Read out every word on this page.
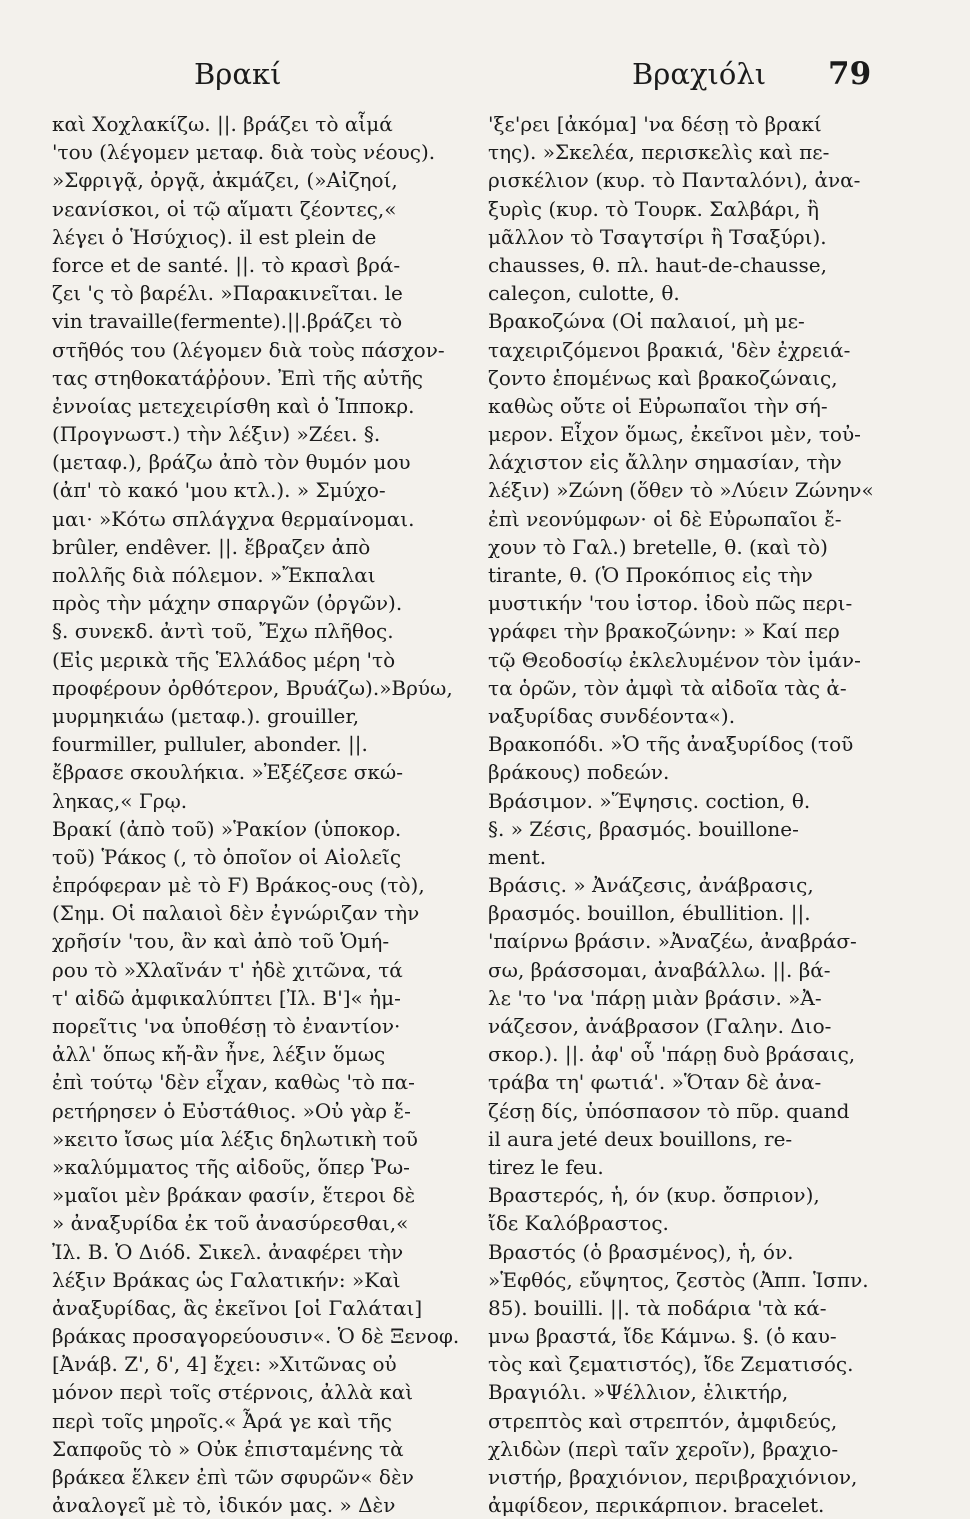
Βρακί	Βραχιόλι 79
καὶ Χοχλακίζω. ||. βράζει τὸ αἷμά
'του (λέγομεν μεταφ. διὰ τοὺς νέους).
»Σφριγᾷ, ὀργᾷ, ἀκμάζει, (»Αἰζηοί,
νεανίσκοι, οἱ τῷ αἵματι ζέοντες,«
λέγει ὁ Ἡσύχιος). il est plein de
force et de santé. ||. τὸ κρασὶ βρά-
ζει 'ς τὸ βαρέλι. »Παρακινεῖται. le
vin travaille(fermente).||.βράζει τὸ
στῆθός του (λέγομεν διὰ τοὺς πάσχον-
τας στηθοκατάῤῥουν. Ἐπὶ τῆς αὐτῆς
ἐννοίας μετεχειρίσθη καὶ ὁ Ἱπποκρ.
(Προγνωστ.) τὴν λέξιν) »Ζέει. §.
(μεταφ.), βράζω ἀπὸ τὸν θυμόν μου
(ἀπ' τὸ κακό 'μου κτλ.). » Σμύχο-
μαι· »Κότω σπλάγχνα θερμαίνομαι.
brûler, endêver. ||. ἔβραζεν ἀπὸ
πολλῆς διὰ πόλεμον. »Ἔκπαλαι
πρὸς τὴν μάχην σπαργῶν (ὀργῶν).
§. συνεκδ. ἀντὶ τοῦ, Ἔχω πλῆθος.
(Εἰς μερικὰ τῆς Ἑλλάδος μέρη 'τὸ
προφέρουν ὀρθότερον, Βρυάζω).»Βρύω,
μυρμηκιάω (μεταφ.). grouiller,
fourmiller, pulluler, abonder. ||.
ἔβρασε σκουλήκια. »Ἐξέζεσε σκώ-
ληκας,« Γρῳ.
Βρακί (ἀπὸ τοῦ) »Ῥακίον (ὑποκορ.
τοῦ) Ῥάκος (, τὸ ὁποῖον οἱ Αἰολεῖς
ἐπρόφεραν μὲ τὸ F) Βράκος-ους (τὸ),
(Σημ. Οἱ παλαιοὶ δὲν ἐγνώριζαν τὴν
χρῆσίν 'του, ἂν καὶ ἀπὸ τοῦ Ὁμή-
ρου τὸ »Χλαῖνάν τ' ἠδὲ χιτῶνα, τά
τ' αἰδῶ ἀμφικαλύπτει [Ἰλ. Β']« ἠμ-
πορεῖτις 'να ὑποθέσῃ τὸ ἐναντίον·
ἀλλ' ὅπως κἤ-ἂν ἦνε, λέξιν ὅμως
ἐπὶ τούτῳ 'δὲν εἶχαν, καθὼς 'τὸ πα-
ρετήρησεν ὁ Εὐστάθιος. »Οὐ γὰρ ἔ-
»κειτο ἴσως μία λέξις δηλωτικὴ τοῦ
»καλύμματος τῆς αἰδοῦς, ὅπερ Ῥω-
»μαῖοι μὲν βράκαν φασίν, ἕτεροι δὲ
» ἀναξυρίδα ἐκ τοῦ ἀνασύρεσθαι,«
Ἰλ. Β. Ὁ Διόδ. Σικελ. ἀναφέρει τὴν
λέξιν Βράκας ὡς Γαλατικήν: »Καὶ
ἀναξυρίδας, ἃς ἐκεῖνοι [οἱ Γαλάται]
βράκας προσαγορεύουσιν«. Ὁ δὲ Ξενοφ.
[Ἀνάβ. Ζ', δ', 4] ἔχει: »Χιτῶνας οὐ
μόνον περὶ τοῖς στέρνοις, ἀλλὰ καὶ
περὶ τοῖς μηροῖς.« Ἆρά γε καὶ τῆς
Σαπφοῦς τὸ » Οὐκ ἐπισταμένης τὰ
βράκεα ἕλκεν ἐπὶ τῶν σφυρῶν« δὲν
ἀναλογεῖ μὲ τὸ, ἰδικόν μας. » Δὲν
'ξε'ρει [ἀκόμα] 'να δέσῃ τὸ βρακί
της). »Σκελέα, περισκελὶς καὶ πε-
ρισκέλιον (κυρ. τὸ Πανταλόνι), ἀνα-
ξυρὶς (κυρ. τὸ Τουρκ. Σαλβάρι, ἢ
μᾶλλον τὸ Τσαγτσίρι ἢ Τσαξύρι).
chausses, θ. πλ. haut-de-chausse,
caleçon, culotte, θ.
Βρακοζώνα (Οἱ παλαιοί, μὴ με-
ταχειριζόμενοι βρακιά, 'δὲν ἐχρειά-
ζοντο ἑπομένως καὶ βρακοζώναις,
καθὼς οὔτε οἱ Εὐρωπαῖοι τὴν σή-
μερον. Εἶχον ὅμως, ἐκεῖνοι μὲν, τοὐ-
λάχιστον εἰς ἄλλην σημασίαν, τὴν
λέξιν) »Ζώνη (ὅθεν τὸ »Λύειν Ζώνην«
ἐπὶ νεονύμφων· οἱ δὲ Εὐρωπαῖοι ἔ-
χουν τὸ Γαλ.) bretelle, θ. (καὶ τὸ)
tirante, θ. (Ὁ Προκόπιος εἰς τὴν
μυστικήν 'του ἱστορ. ἰδοὺ πῶς περι-
γράφει τὴν βρακοζώνην: » Καί περ
τῷ Θεοδοσίῳ ἐκλελυμένον τὸν ἱμάν-
τα ὁρῶν, τὸν ἀμφὶ τὰ αἰδοῖα τὰς ἀ-
ναξυρίδας συνδέοντα«).
Βρακοπόδι. »Ὁ τῆς ἀναξυρίδος (τοῦ
βράκους) ποδεών.
Βράσιμον. »Ἕψησις. coction, θ.
§. » Ζέσις, βρασμός. bouillone-
ment.
Βράσις. » Ἀνάζεσις, ἀνάβρασις,
βρασμός. bouillon, ébullition. ||.
'παίρνω βράσιν. »Ἀναζέω, ἀναβράσ-
σω, βράσσομαι, ἀναβάλλω. ||. βά-
λε 'το 'να 'πάρῃ μιὰν βράσιν. »Ἀ-
νάζεσον, ἀνάβρασον (Γαλην. Διο-
σκορ.). ||. ἀφ' οὗ 'πάρῃ δυὸ βράσαις,
τράβα τη' φωτιά'. »Ὅταν δὲ ἀνα-
ζέσῃ δίς, ὑπόσπασον τὸ πῦρ. quand
il aura jeté deux bouillons, re-
tirez le feu.
Βραστερός, ἡ, όν (κυρ. ὄσπριον),
ἴδε Καλόβραστος.
Βραστός (ὁ βρασμένος), ἡ, όν.
»Ἑφθός, εὔψητος, ζεστὸς (Ἀππ. Ἱσπν.
85). bouilli. ||. τὰ ποδάρια 'τὰ κά-
μνω βραστά, ἴδε Κάμνω. §. (ὁ καυ-
τὸς καὶ ζεματιστός), ἴδε Ζεματισός.
Βραγιόλι. »Ψέλλιον, ἑλικτήρ,
στρεπτὸς καὶ στρεπτόν, ἀμφιδεύς,
χλιδὼν (περὶ ταῖν χεροῖν), βραχιο-
νιστήρ, βραχιόνιον, περιβραχιόνιον,
ἀμφίδεον, περικάρπιον. bracelet.
